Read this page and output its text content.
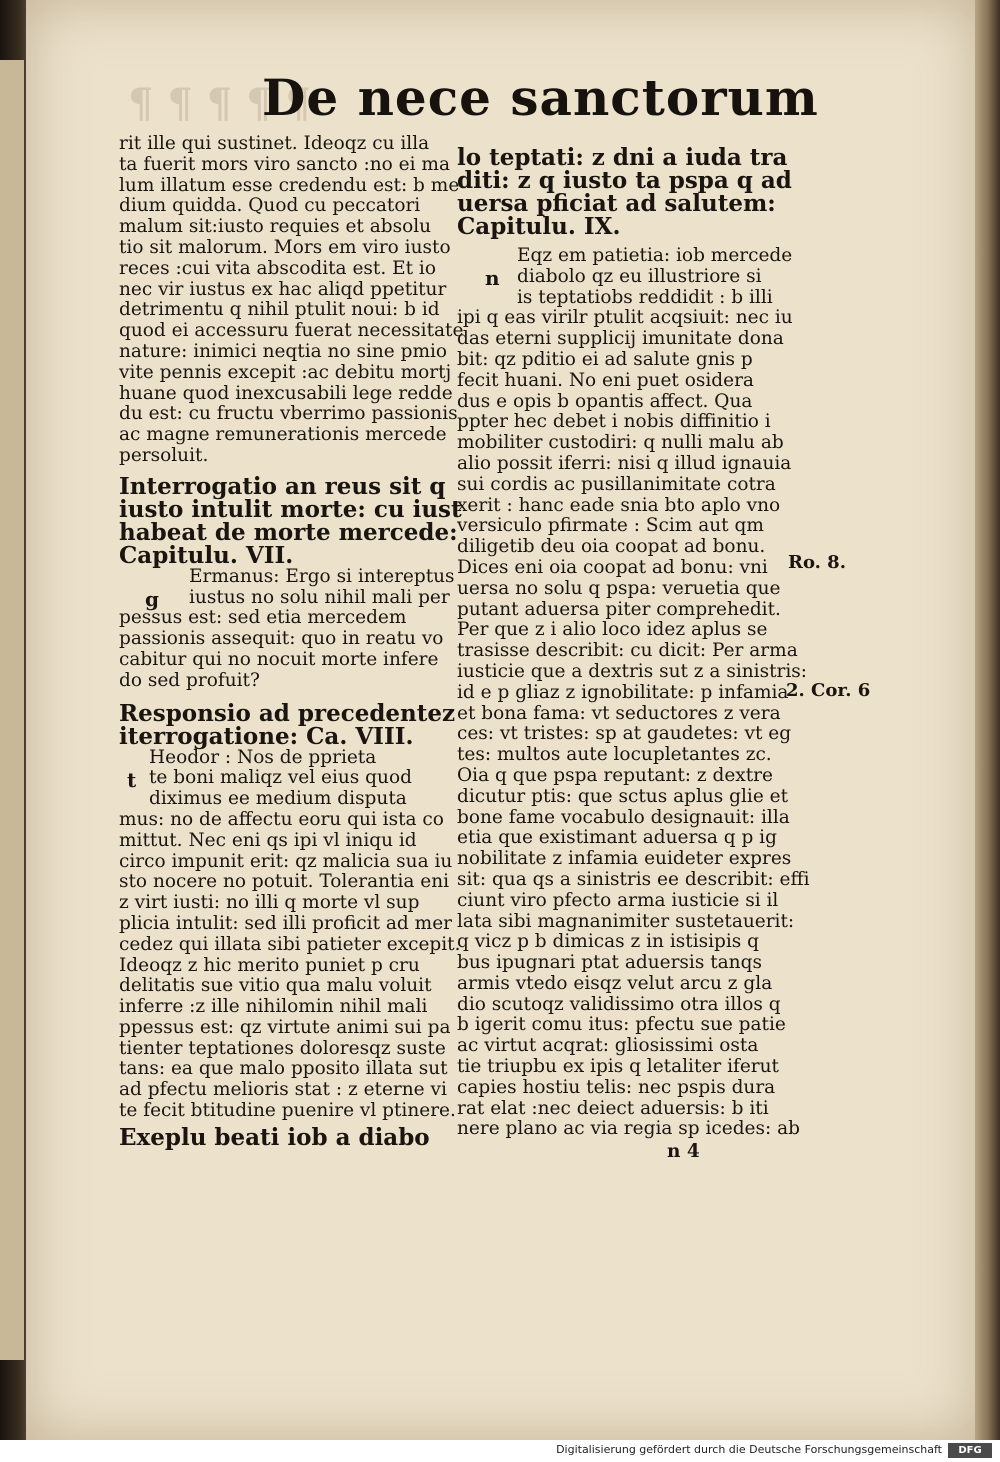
¶ ¶ ¶ ¶ ¶
De nece sanctorum
rit ille qui sustinet. Ideoqz cu illa
ta fuerit mors viro sancto :no ei ma
lum illatum esse credendu est: b me
dium quidda. Quod cu peccatori
malum sit:iusto requies et absolu
tio sit malorum. Mors em viro iusto
reces :cui vita abscodita est. Et io
nec vir iustus ex hac aliqd ppetitur
detrimentu q nihil ptulit noui: b id
quod ei accessuru fuerat necessitate
nature: inimici neqtia no sine pmio
vite pennis excepit :ac debitu mortj
huane quod inexcusabili lege redde
du est: cu fructu vberrimo passionis
ac magne remunerationis mercede
persoluit.
Interrogatio an reus sit q
iusto intulit morte: cu iust
habeat de morte mercede:
Capitulu. VII.
g
Ermanus: Ergo si intereptus
iustus no solu nihil mali per
pessus est: sed etia mercedem
passionis assequit: quo in reatu vo
cabitur qui no nocuit morte infere
do sed profuit?
Responsio ad precedentez
iterrogatione: Ca. VIII.
t
Heodor : Nos de pprieta
te boni maliqz vel eius quod
diximus ee medium disputa
mus: no de affectu eoru qui ista co
mittut. Nec eni qs ipi vl iniqu id
circo impunit erit: qz malicia sua iu
sto nocere no potuit. Tolerantia eni
z virt iusti: no illi q morte vl sup
plicia intulit: sed illi proficit ad mer
cedez qui illata sibi patieter excepit.
Ideoqz z hic merito puniet p cru
delitatis sue vitio qua malu voluit
inferre :z ille nihilomin nihil mali
ppessus est: qz virtute animi sui pa
tienter teptationes doloresqz suste
tans: ea que malo pposito illata sut
ad pfectu melioris stat : z eterne vi
te fecit btitudine puenire vl ptinere.
Exeplu beati iob a diabo
lo teptati: z dni a iuda tra
diti: z q iusto ta pspa q ad
uersa pficiat ad salutem:
Capitulu. IX.
n
Eqz em patietia: iob mercede
diabolo qz eu illustriore si
is teptatiobs reddidit : b illi
ipi q eas virilr ptulit acqsiuit: nec iu
das eterni supplicij imunitate dona
bit: qz pditio ei ad salute gnis p
fecit huani. No eni puet osidera
dus e opis b opantis affect. Qua
ppter hec debet i nobis diffinitio i
mobiliter custodiri: q nulli malu ab
alio possit iferri: nisi q illud ignauia
sui cordis ac pusillanimitate cotra
xerit : hanc eade snia bto aplo vno
versiculo pfirmate : Scim aut qm
diligetib deu oia coopat ad bonu.
Dices eni oia coopat ad bonu: vni
uersa no solu q pspa: veruetia que
putant aduersa piter comprehedit.
Per que z i alio loco idez aplus se
trasisse describit: cu dicit: Per arma
iusticie que a dextris sut z a sinistris:
id e p gliaz z ignobilitate: p infamia
et bona fama: vt seductores z vera
ces: vt tristes: sp at gaudetes: vt eg
tes: multos aute locupletantes zc.
Oia q que pspa reputant: z dextre
dicutur ptis: que sctus aplus glie et
bone fame vocabulo designauit: illa
etia que existimant aduersa q p ig
nobilitate z infamia euideter expres
sit: qua qs a sinistris ee describit: effi
ciunt viro pfecto arma iusticie si il
lata sibi magnanimiter sustetauerit:
q vicz p b dimicas z in istisipis q
bus ipugnari ptat aduersis tanqs
armis vtedo eisqz velut arcu z gla
dio scutoqz validissimo otra illos q
b igerit comu itus: pfectu sue patie
ac virtut acqrat: gliosissimi osta
tie triupbu ex ipis q letaliter iferut
capies hostiu telis: nec pspis dura
rat elat :nec deiect aduersis: b iti
nere plano ac via regia sp icedes: ab
n 4
Ro. 8.
2. Cor. 6
Digitalisierung gefördert durch die Deutsche Forschungsgemeinschaft	DFG
